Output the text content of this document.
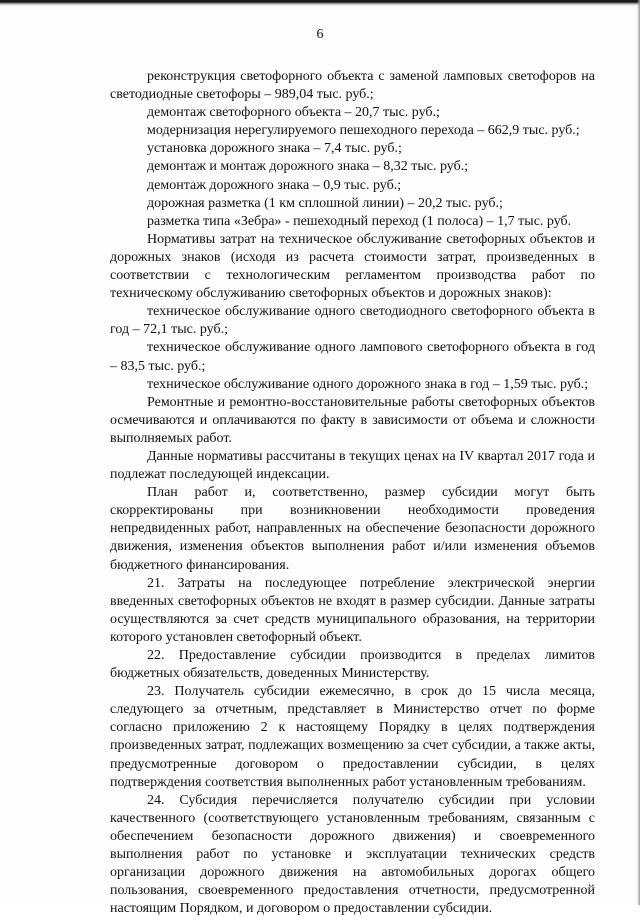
6

реконструкция светофорного объекта с заменой ламповых светофоров на светодиодные светофоры – 989,04 тыс. руб.;

демонтаж светофорного объекта – 20,7 тыс. руб.;

модернизация нерегулируемого пешеходного перехода – 662,9 тыс. руб.;

установка дорожного знака – 7,4 тыс. руб.;

демонтаж и монтаж дорожного знака – 8,32 тыс. руб.;

демонтаж дорожного знака – 0,9 тыс. руб.;

дорожная разметка (1 км сплошной линии) – 20,2 тыс. руб.;

разметка типа «Зебра» - пешеходный переход (1 полоса) – 1,7 тыс. руб.

Нормативы затрат на техническое обслуживание светофорных объектов и дорожных знаков (исходя из расчета стоимости затрат, произведенных в соответствии с технологическим регламентом производства работ по техническому обслуживанию светофорных объектов и дорожных знаков):

техническое обслуживание одного светодиодного светофорного объекта в год – 72,1 тыс. руб.;

техническое обслуживание одного лампового светофорного объекта в год – 83,5 тыс. руб.;

техническое обслуживание одного дорожного знака в год – 1,59 тыс. руб.;

Ремонтные и ремонтно-восстановительные работы светофорных объектов осмечиваются и оплачиваются по факту в зависимости от объема и сложности выполняемых работ.

Данные нормативы рассчитаны в текущих ценах на IV квартал 2017 года и подлежат последующей индексации.

План работ и, соответственно, размер субсидии могут быть скорректированы при возникновении необходимости проведения непредвиденных работ, направленных на обеспечение безопасности дорожного движения, изменения объектов выполнения работ и/или изменения объемов бюджетного финансирования.

21. Затраты на последующее потребление электрической энергии введенных светофорных объектов не входят в размер субсидии. Данные затраты осуществляются за счет средств муниципального образования, на территории которого установлен светофорный объект.

22. Предоставление субсидии производится в пределах лимитов бюджетных обязательств, доведенных Министерству.

23. Получатель субсидии ежемесячно, в срок до 15 числа месяца, следующего за отчетным, представляет в Министерство отчет по форме согласно приложению 2 к настоящему Порядку в целях подтверждения произведенных затрат, подлежащих возмещению за счет субсидии, а также акты, предусмотренные договором о предоставлении субсидии, в целях подтверждения соответствия выполненных работ установленным требованиям.

24. Субсидия перечисляется получателю субсидии при условии качественного (соответствующего установленным требованиям, связанным с обеспечением безопасности дорожного движения) и своевременного выполнения работ по установке и эксплуатации технических средств организации дорожного движения на автомобильных дорогах общего пользования, своевременного предоставления отчетности, предусмотренной настоящим Порядком, и договором о предоставлении субсидии.
